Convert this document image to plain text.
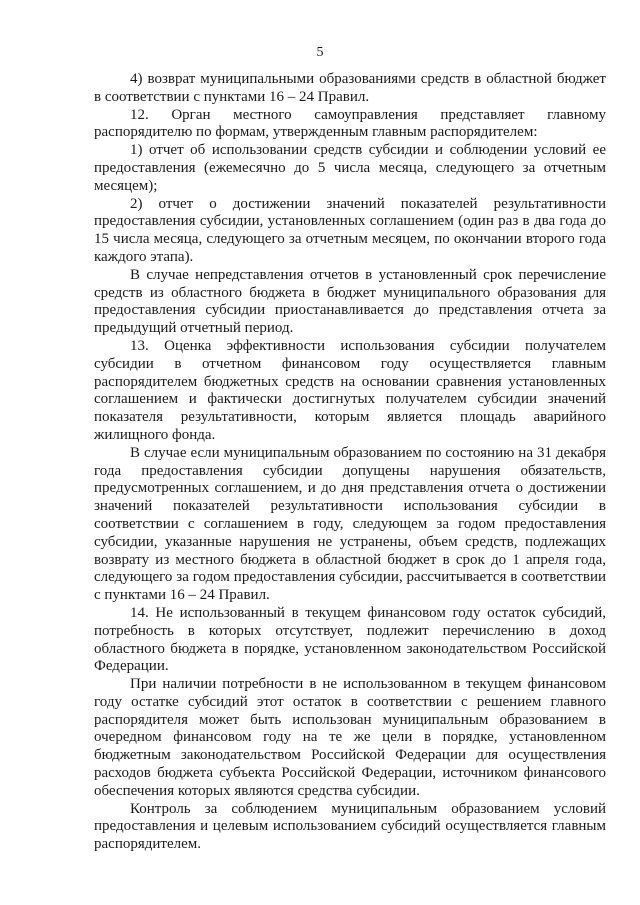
5

4) возврат муниципальными образованиями средств в областной бюджет в соответствии с пунктами 16 – 24 Правил.

12. Орган местного самоуправления представляет главному распорядителю по формам, утвержденным главным распорядителем:

1) отчет об использовании средств субсидии и соблюдении условий ее предоставления (ежемесячно до 5 числа месяца, следующего за отчетным месяцем);

2) отчет о достижении значений показателей результативности предоставления субсидии, установленных соглашением (один раз в два года до 15 числа месяца, следующего за отчетным месяцем, по окончании второго года каждого этапа).

В случае непредставления отчетов в установленный срок перечисление средств из областного бюджета в бюджет муниципального образования для предоставления субсидии приостанавливается до представления отчета за предыдущий отчетный период.

13. Оценка эффективности использования субсидии получателем субсидии в отчетном финансовом году осуществляется главным распорядителем бюджетных средств на основании сравнения установленных соглашением и фактически достигнутых получателем субсидии значений показателя результативности, которым является площадь аварийного жилищного фонда.

В случае если муниципальным образованием по состоянию на 31 декабря года предоставления субсидии допущены нарушения обязательств, предусмотренных соглашением, и до дня представления отчета о достижении значений показателей результативности использования субсидии в соответствии с соглашением в году, следующем за годом предоставления субсидии, указанные нарушения не устранены, объем средств, подлежащих возврату из местного бюджета в областной бюджет в срок до 1 апреля года, следующего за годом предоставления субсидии, рассчитывается в соответствии с пунктами 16 – 24 Правил.

14. Не использованный в текущем финансовом году остаток субсидий, потребность в которых отсутствует, подлежит перечислению в доход областного бюджета в порядке, установленном законодательством Российской Федерации.

При наличии потребности в не использованном в текущем финансовом году остатке субсидий этот остаток в соответствии с решением главного распорядителя может быть использован муниципальным образованием в очередном финансовом году на те же цели в порядке, установленном бюджетным законодательством Российской Федерации для осуществления расходов бюджета субъекта Российской Федерации, источником финансового обеспечения которых являются средства субсидии.

Контроль за соблюдением муниципальным образованием условий предоставления и целевым использованием субсидий осуществляется главным распорядителем.
